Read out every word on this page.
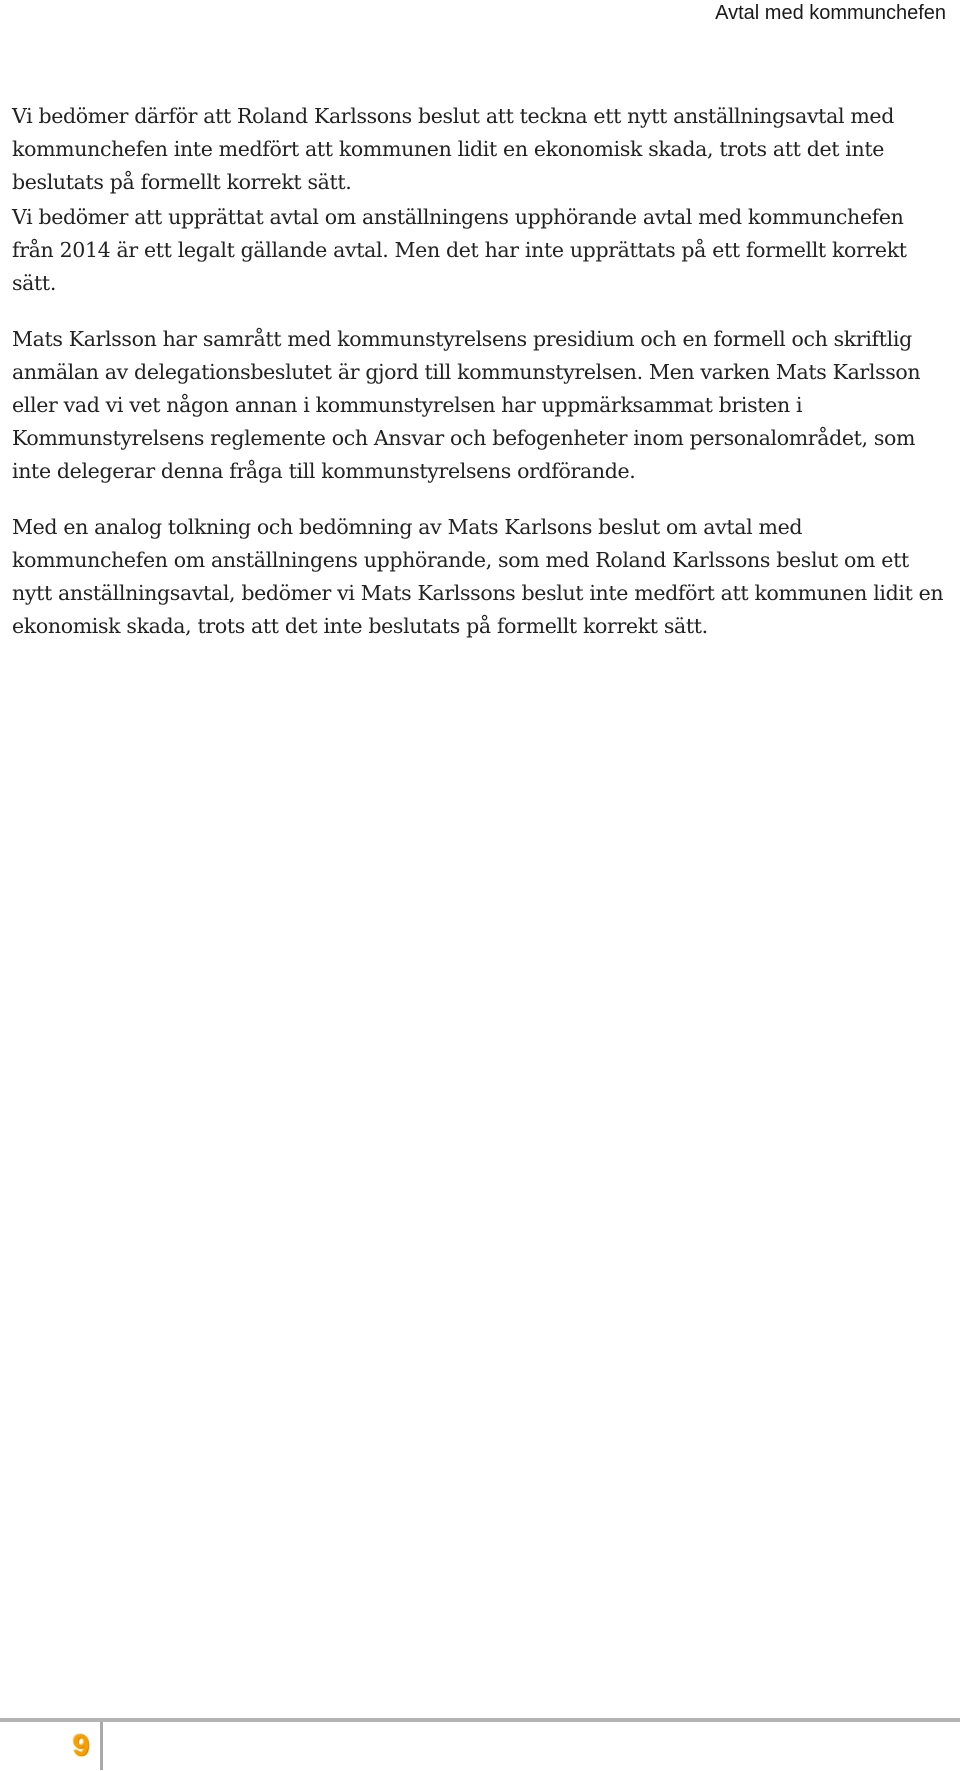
Avtal med kommunchefen

Vi bedömer därför att Roland Karlssons beslut att teckna ett nytt anställningsavtal med kommunchefen inte medfört att kommunen lidit en ekonomisk skada, trots att det inte beslutats på formellt korrekt sätt.

Vi bedömer att upprättat avtal om anställningens upphörande avtal med kommunchefen från 2014 är ett legalt gällande avtal. Men det har inte upprättats på ett formellt korrekt sätt.

Mats Karlsson har samrått med kommunstyrelsens presidium och en formell och skriftlig anmälan av delegationsbeslutet är gjord till kommunstyrelsen. Men varken Mats Karlsson eller vad vi vet någon annan i kommunstyrelsen har uppmärksammat bristen i Kommunstyrelsens reglemente och Ansvar och befogenheter inom personalområdet, som inte delegerar denna fråga till kommunstyrelsens ordförande.

Med en analog tolkning och bedömning av Mats Karlsons beslut om avtal med kommunchefen om anställningens upphörande, som med Roland Karlssons beslut om ett nytt anställningsavtal, bedömer vi Mats Karlssons beslut inte medfört att kommunen lidit en ekonomisk skada, trots att det inte beslutats på formellt korrekt sätt.

9
